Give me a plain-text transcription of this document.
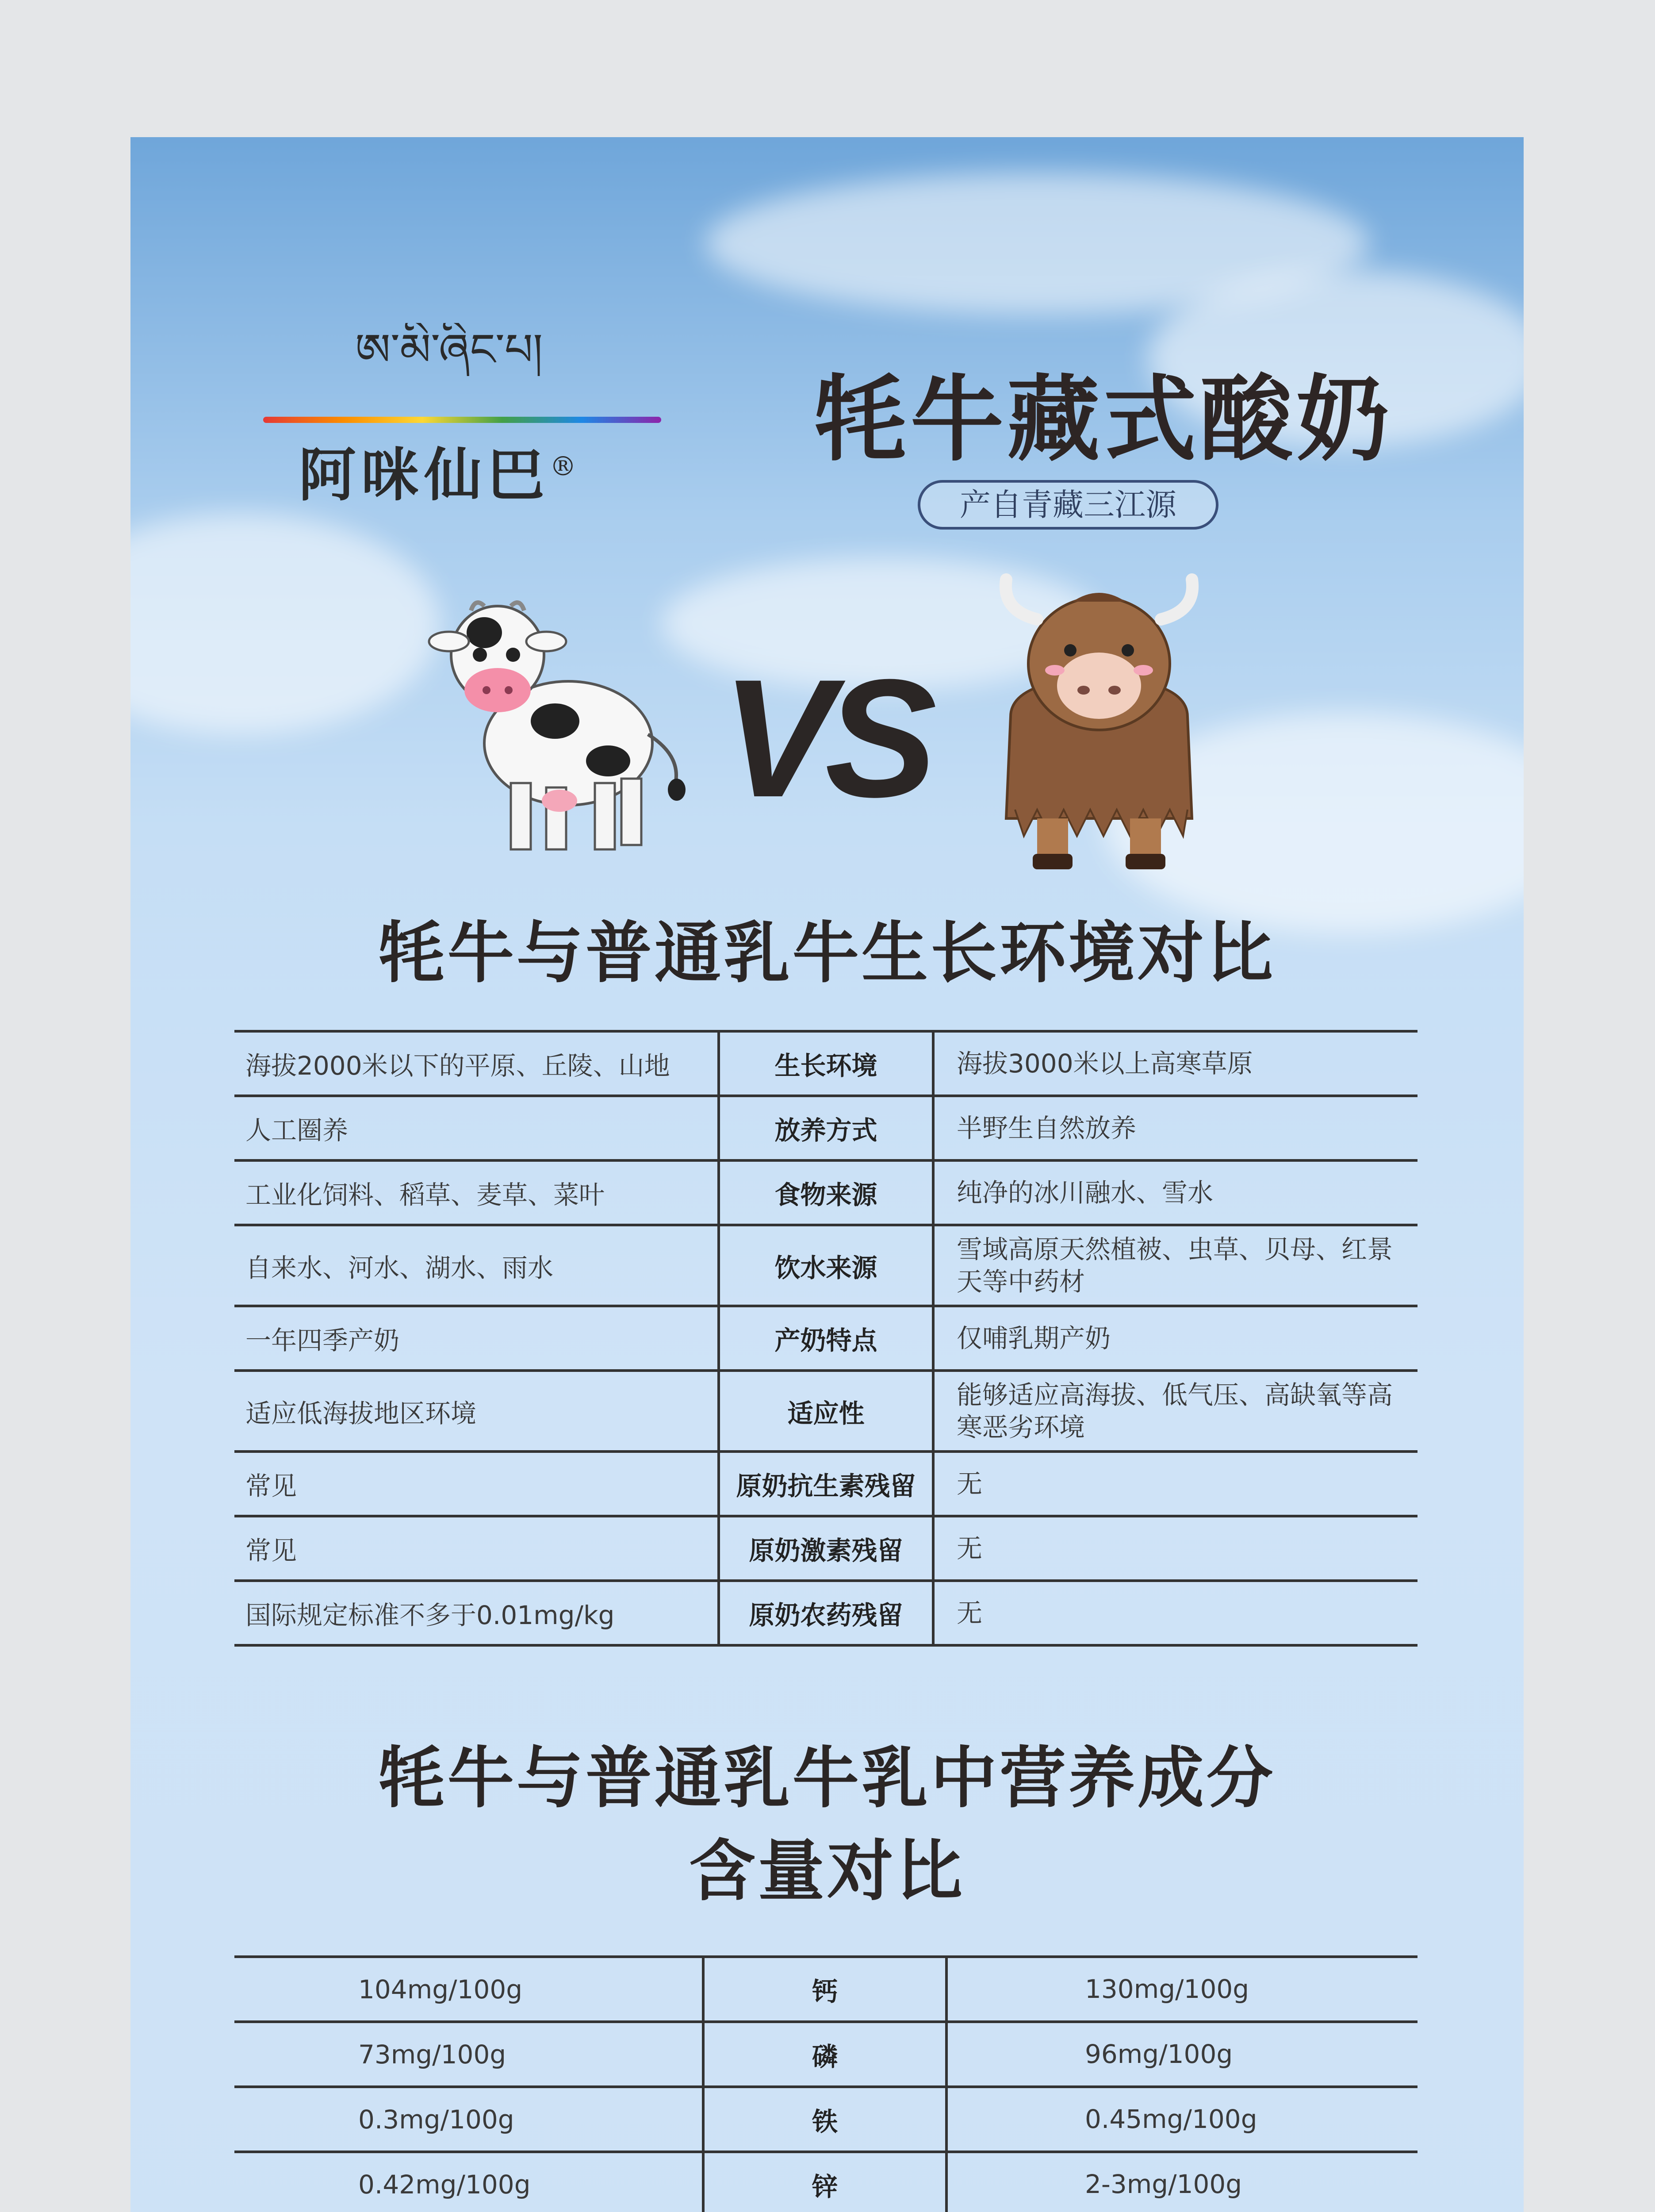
ཨ་མི་ཞིང་པ།
阿咪仙巴®	牦牛藏式酸奶
产自青藏三江源
VS
牦牛与普通乳牛生长环境对比
海拔2000米以下的平原、丘陵、山地	生长环境	海拔3000米以上高寒草原
人工圈养	放养方式	半野生自然放养
工业化饲料、稻草、麦草、菜叶	食物来源	纯净的冰川融水、雪水
自来水、河水、湖水、雨水	饮水来源	雪域高原天然植被、虫草、贝母、红景天等中药材
一年四季产奶	产奶特点	仅哺乳期产奶
适应低海拔地区环境	适应性	能够适应高海拔、低气压、高缺氧等高寒恶劣环境
常见	原奶抗生素残留	无
常见	原奶激素残留	无
国际规定标准不多于0.01mg/kg	原奶农药残留	无
牦牛与普通乳牛乳中营养成分
含量对比
104mg/100g	钙	130mg/100g
73mg/100g	磷	96mg/100g
0.3mg/100g	铁	0.45mg/100g
0.42mg/100g	锌	2-3mg/100g
